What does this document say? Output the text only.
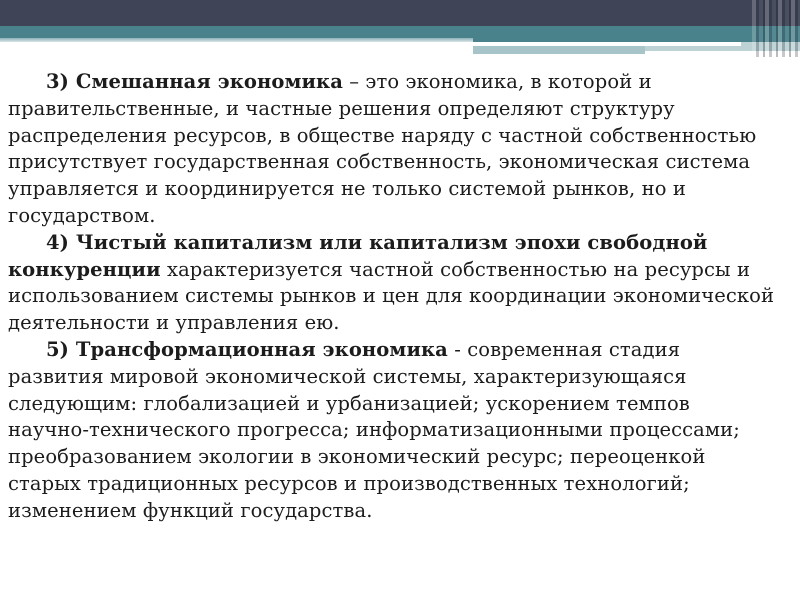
3) Смешанная экономика – это экономика, в которой и правительственные, и частные решения определяют структуру распределения ресурсов, в обществе наряду с частной собственностью присутствует государственная собственность, экономическая система управляется и координируется не только системой рынков, но и государством.

4) Чистый капитализм или капитализм эпохи свободной конкуренции характеризуется частной собственностью на ресурсы и использованием системы рынков и цен для координации экономической деятельности и управления ею.

5) Трансформационная экономика - современная стадия развития мировой экономической системы, характеризующаяся следующим: глобализацией и урбанизацией; ускорением темпов научно-технического прогресса; информатизационными процессами; преобразованием экологии в экономический ресурс; переоценкой старых традиционных ресурсов и производственных технологий; изменением функций государства.
